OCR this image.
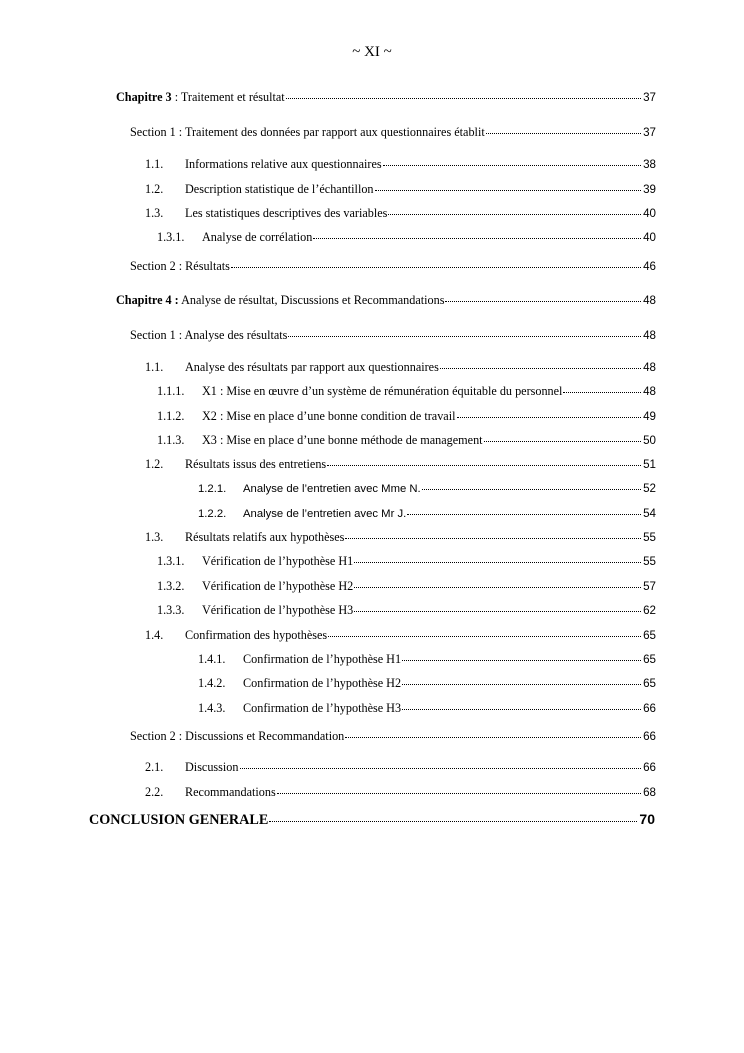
~ XI ~
Chapitre 3 : Traitement et résultat	37
Section 1 : Traitement des données par rapport aux questionnaires établit	37
1.1.	Informations relative aux questionnaires	38
1.2.	Description statistique de l’échantillon	39
1.3.	Les statistiques descriptives des variables	40
1.3.1.	Analyse de corrélation	40
Section 2 : Résultats	46
Chapitre 4 : Analyse de résultat, Discussions et Recommandations	48
Section 1 : Analyse des résultats	48
1.1.	Analyse des résultats par rapport aux questionnaires	48
1.1.1.	X1 : Mise en œuvre d’un système de rémunération équitable du personnel	48
1.1.2.	X2 : Mise en place d’une bonne condition de travail	49
1.1.3.	X3 : Mise en place d’une bonne méthode de management	50
1.2.	Résultats issus des entretiens	51
1.2.1.	Analyse de l’entretien avec Mme N.	52
1.2.2.	Analyse de l’entretien avec Mr J.	54
1.3.	Résultats relatifs aux hypothèses	55
1.3.1.	Vérification de l’hypothèse H1	55
1.3.2.	Vérification de l’hypothèse H2	57
1.3.3.	Vérification de l’hypothèse H3	62
1.4.	Confirmation des hypothèses	65
1.4.1.	Confirmation de l’hypothèse H1	65
1.4.2.	Confirmation de l’hypothèse H2	65
1.4.3.	Confirmation de l’hypothèse H3	66
Section 2 : Discussions et Recommandation	66
2.1.	Discussion	66
2.2.	Recommandations	68
CONCLUSION GENERALE	70
